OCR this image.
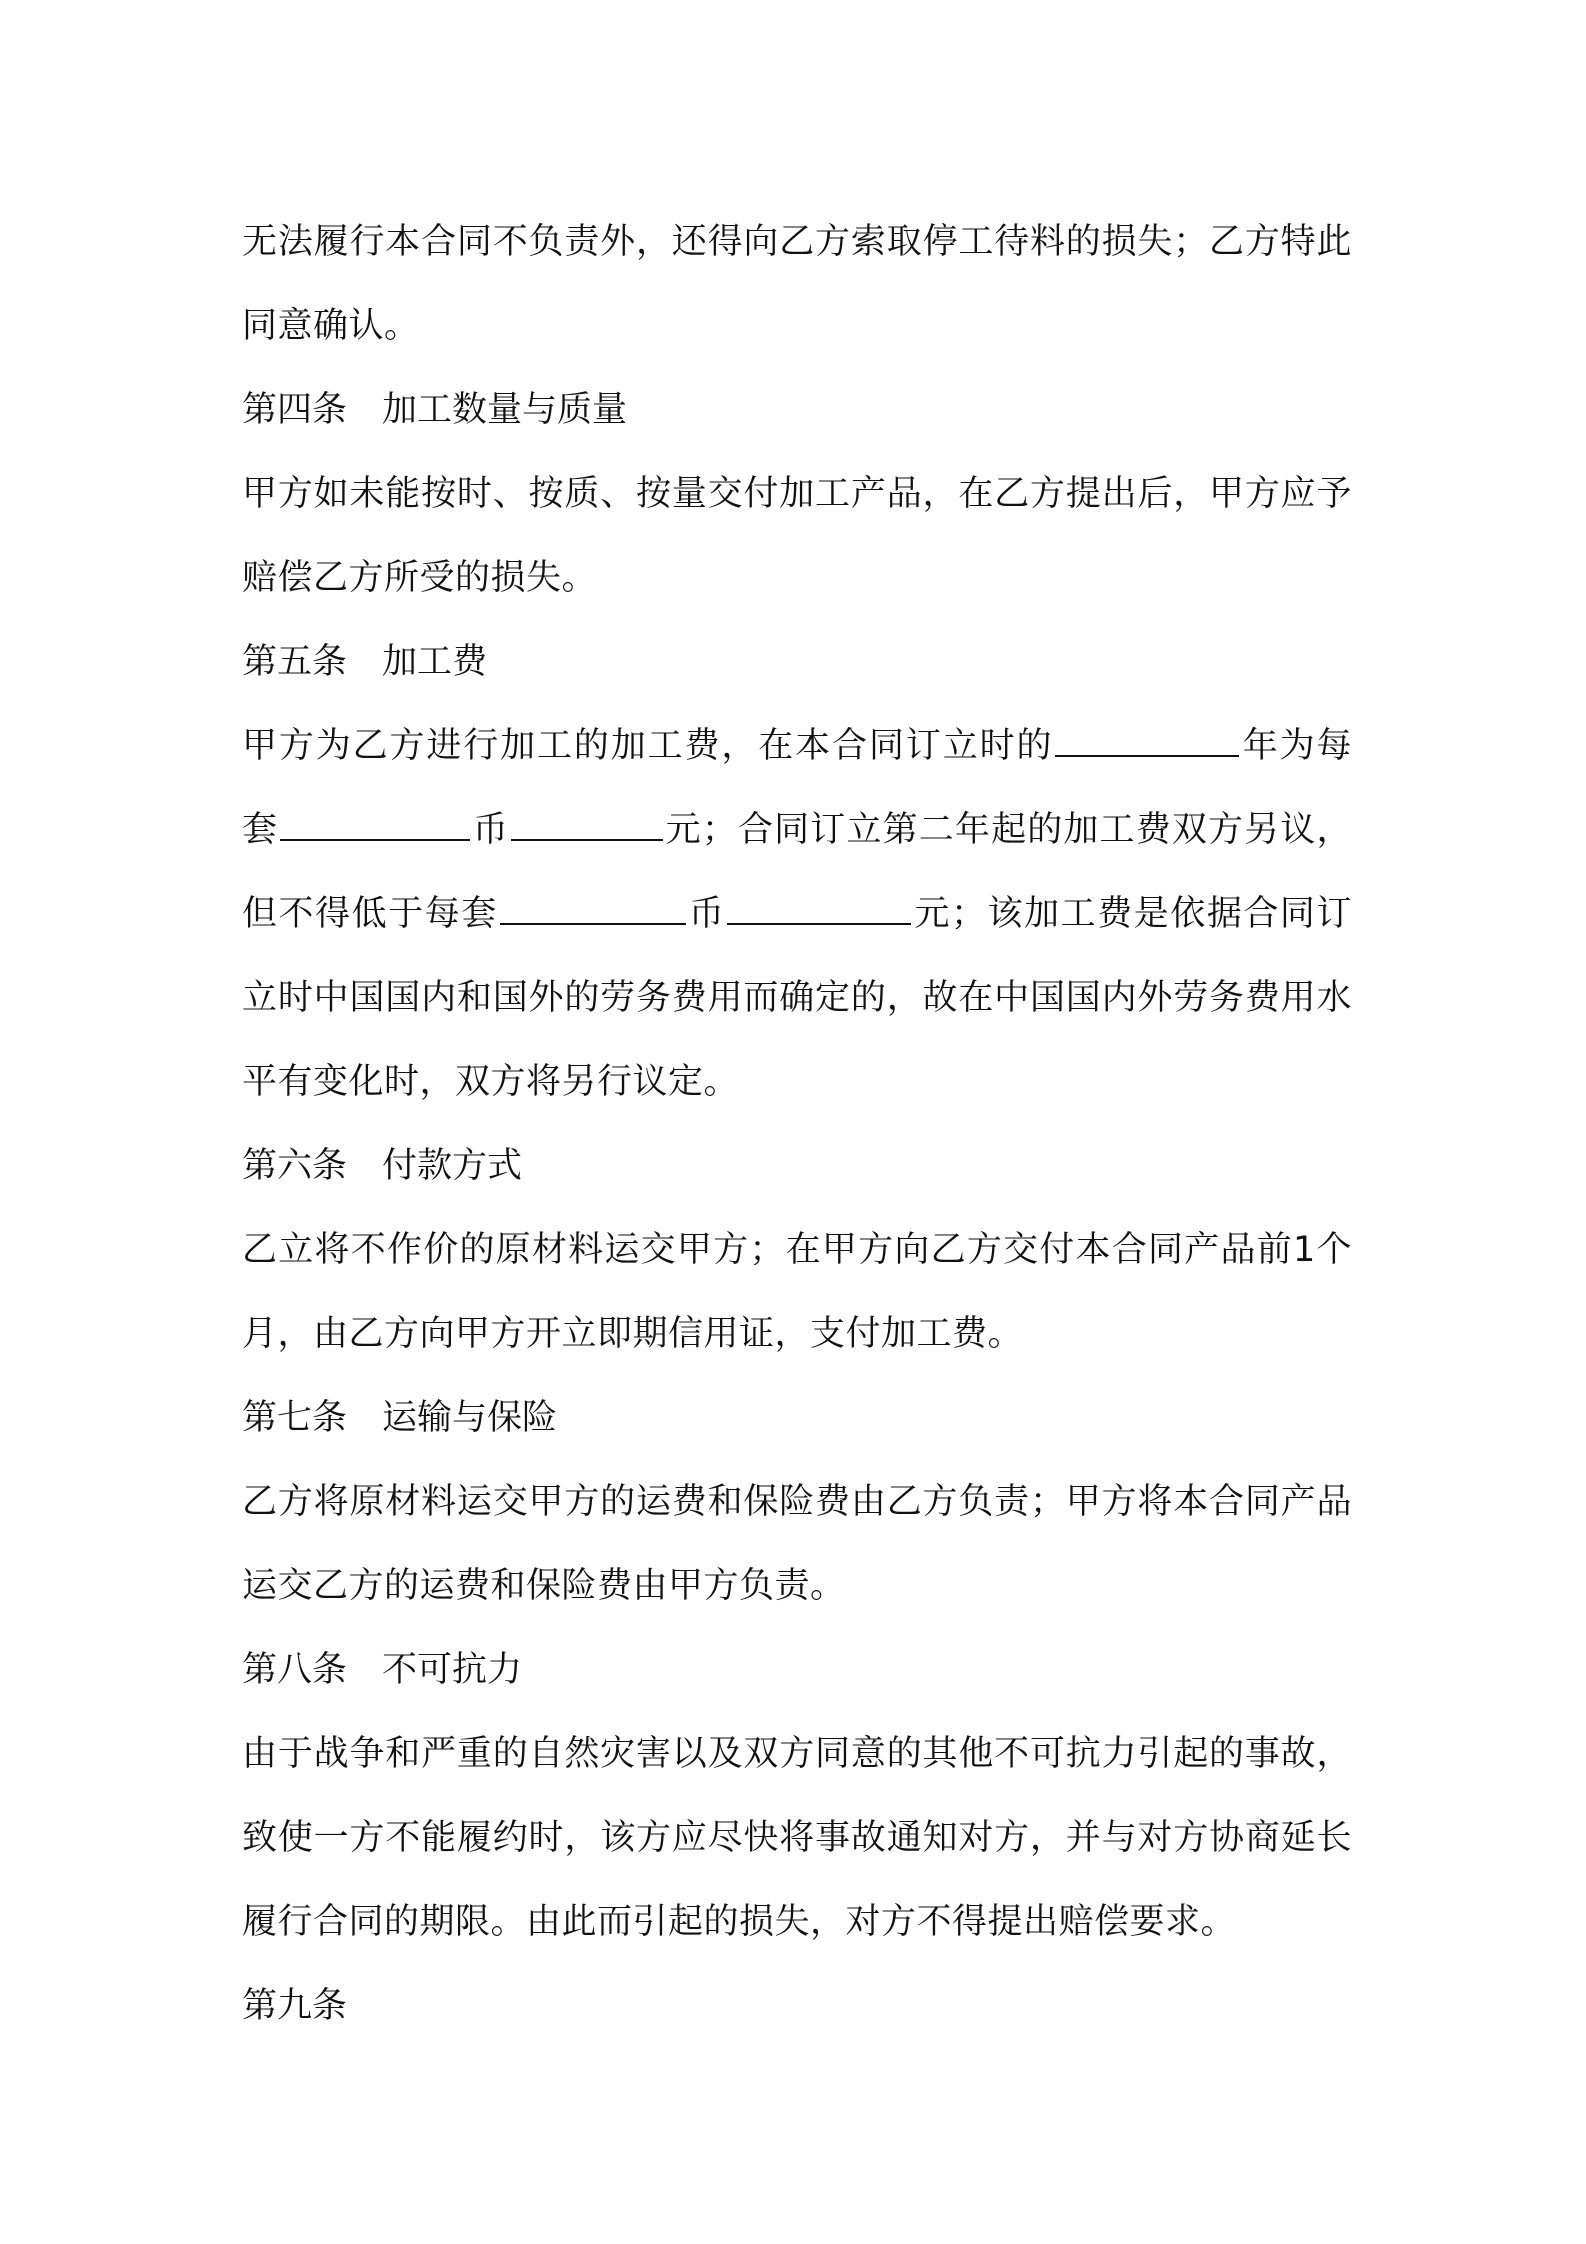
无法履行本合同不负责外，还得向乙方索取停工待料的损失；乙方特此同意确认。
第四条　加工数量与质量
甲方如未能按时、按质、按量交付加工产品，在乙方提出后，甲方应予赔偿乙方所受的损失。
第五条　加工费
甲方为乙方进行加工的加工费，在本合同订立时的	年为每套	币	元；合同订立第二年起的加工费双方另议，但不得低于每套	币	元；该加工费是依据合同订立时中国国内和国外的劳务费用而确定的，故在中国国内外劳务费用水平有变化时，双方将另行议定。
第六条　付款方式
乙立将不作价的原材料运交甲方；在甲方向乙方交付本合同产品前1个月，由乙方向甲方开立即期信用证，支付加工费。
第七条　运输与保险
乙方将原材料运交甲方的运费和保险费由乙方负责；甲方将本合同产品运交乙方的运费和保险费由甲方负责。
第八条　不可抗力
由于战争和严重的自然灾害以及双方同意的其他不可抗力引起的事故，致使一方不能履约时，该方应尽快将事故通知对方，并与对方协商延长履行合同的期限。由此而引起的损失，对方不得提出赔偿要求。
第九条
